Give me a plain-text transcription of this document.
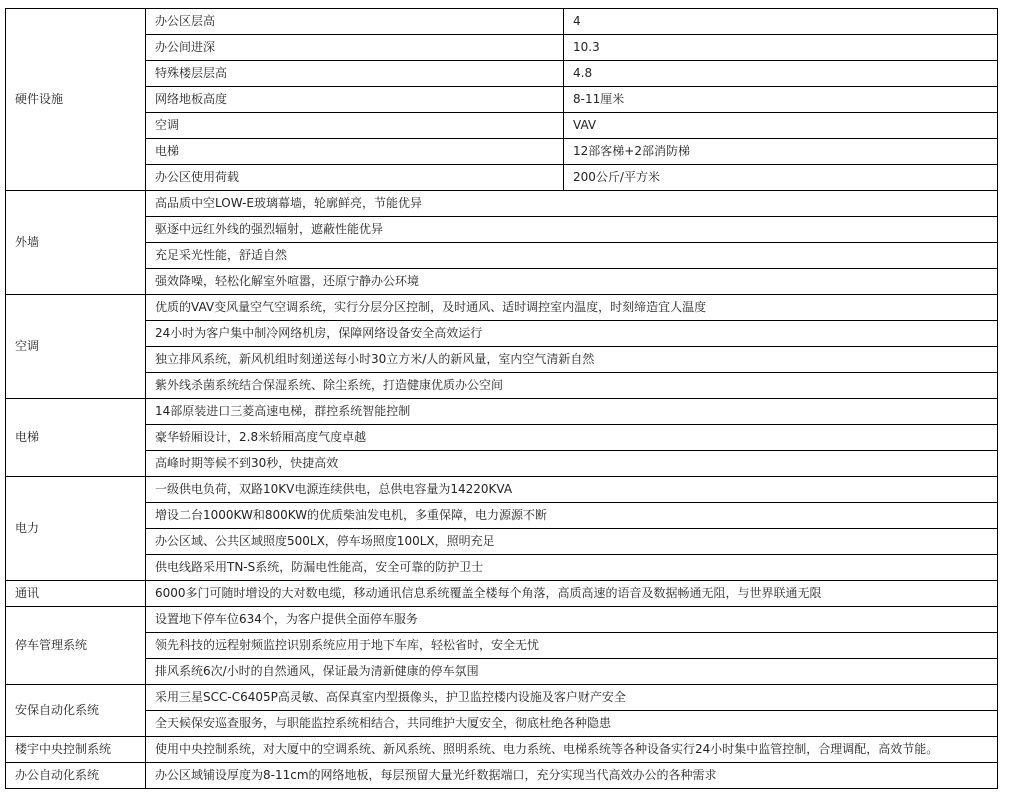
硬件设施	办公区层高	4
	办公间进深	10.3
	特殊楼层层高	4.8
	网络地板高度	8-11厘米
	空调	VAV
	电梯	12部客梯+2部消防梯
	办公区使用荷载	200公斤/平方米
外墙	高品质中空LOW-E玻璃幕墙，轮廓鲜亮，节能优异	
	驱逐中远红外线的强烈辐射，遮蔽性能优异	
	充足采光性能，舒适自然	
	强效降噪，轻松化解室外喧嚣，还原宁静办公环境	
空调	优质的VAV变风量空气空调系统，实行分层分区控制，及时通风、适时调控室内温度，时刻缔造宜人温度	
	24小时为客户集中制冷网络机房，保障网络设备安全高效运行	
	独立排风系统，新风机组时刻递送每小时30立方米/人的新风量，室内空气清新自然	
	紫外线杀菌系统结合保湿系统、除尘系统，打造健康优质办公空间	
电梯	14部原装进口三菱高速电梯，群控系统智能控制	
	豪华轿厢设计，2.8米轿厢高度气度卓越	
	高峰时期等候不到30秒，快捷高效	
电力	一级供电负荷，双路10KV电源连续供电，总供电容量为14220KVA	
	增设二台1000KW和800KW的优质柴油发电机，多重保障，电力源源不断	
	办公区域、公共区域照度500LX，停车场照度100LX，照明充足	
	供电线路采用TN-S系统，防漏电性能高，安全可靠的防护卫士	
通讯	6000多门可随时增设的大对数电缆，移动通讯信息系统覆盖全楼每个角落，高质高速的语音及数据畅通无阻，与世界联通无限	
停车管理系统	设置地下停车位634个，为客户提供全面停车服务	
	领先科技的远程射频监控识别系统应用于地下车库，轻松省时，安全无忧	
	排风系统6次/小时的自然通风，保证最为清新健康的停车氛围	
安保自动化系统	采用三星SCC-C6405P高灵敏、高保真室内型摄像头，护卫监控楼内设施及客户财产安全	
	全天候保安巡查服务，与职能监控系统相结合，共同维护大厦安全，彻底杜绝各种隐患	
楼宇中央控制系统	使用中央控制系统，对大厦中的空调系统、新风系统、照明系统、电力系统、电梯系统等各种设备实行24小时集中监管控制，合理调配，高效节能。	
办公自动化系统	办公区域铺设厚度为8-11cm的网络地板，每层预留大量光纤数据端口，充分实现当代高效办公的各种需求	
